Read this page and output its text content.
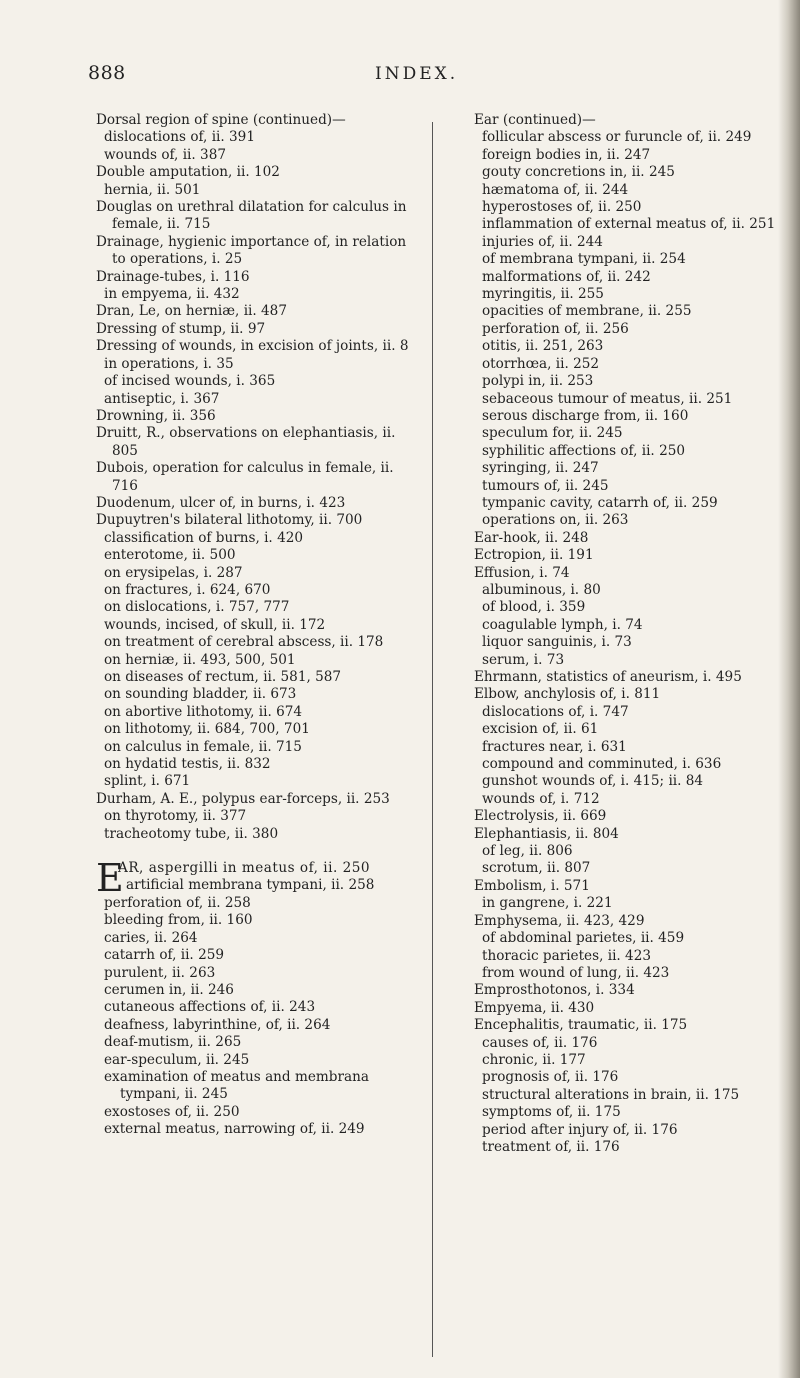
888	INDEX.

Dorsal region of spine (continued)—

dislocations of, ii. 391

wounds of, ii. 387

Double amputation, ii. 102

hernia, ii. 501

Douglas on urethral dilatation for calculus in female, ii. 715

Drainage, hygienic importance of, in relation to operations, i. 25

Drainage-tubes, i. 116

in empyema, ii. 432

Dran, Le, on herniæ, ii. 487

Dressing of stump, ii. 97

Dressing of wounds, in excision of joints, ii. 8

in operations, i. 35

of incised wounds, i. 365

antiseptic, i. 367

Drowning, ii. 356

Druitt, R., observations on elephantiasis, ii. 805

Dubois, operation for calculus in female, ii. 716

Duodenum, ulcer of, in burns, i. 423

Dupuytren's bilateral lithotomy, ii. 700

classification of burns, i. 420

enterotome, ii. 500

on erysipelas, i. 287

on fractures, i. 624, 670

on dislocations, i. 757, 777

wounds, incised, of skull, ii. 172

on treatment of cerebral abscess, ii. 178

on herniæ, ii. 493, 500, 501

on diseases of rectum, ii. 581, 587

on sounding bladder, ii. 673

on abortive lithotomy, ii. 674

on lithotomy, ii. 684, 700, 701

on calculus in female, ii. 715

on hydatid testis, ii. 832

splint, i. 671

Durham, A. E., polypus ear-forceps, ii. 253

on thyrotomy, ii. 377

tracheotomy tube, ii. 380

E
AR, aspergilli in meatus of, ii. 250
artificial membrana tympani, ii. 258

perforation of, ii. 258

bleeding from, ii. 160

caries, ii. 264

catarrh of, ii. 259

purulent, ii. 263

cerumen in, ii. 246

cutaneous affections of, ii. 243

deafness, labyrinthine, of, ii. 264

deaf-mutism, ii. 265

ear-speculum, ii. 245

examination of meatus and membrana tympani, ii. 245

exostoses of, ii. 250

external meatus, narrowing of, ii. 249

Ear (continued)—

follicular abscess or furuncle of, ii. 249

foreign bodies in, ii. 247

gouty concretions in, ii. 245

hæmatoma of, ii. 244

hyperostoses of, ii. 250

inflammation of external meatus of, ii. 251

injuries of, ii. 244

of membrana tympani, ii. 254

malformations of, ii. 242

myringitis, ii. 255

opacities of membrane, ii. 255

perforation of, ii. 256

otitis, ii. 251, 263

otorrhœa, ii. 252

polypi in, ii. 253

sebaceous tumour of meatus, ii. 251

serous discharge from, ii. 160

speculum for, ii. 245

syphilitic affections of, ii. 250

syringing, ii. 247

tumours of, ii. 245

tympanic cavity, catarrh of, ii. 259

operations on, ii. 263

Ear-hook, ii. 248

Ectropion, ii. 191

Effusion, i. 74

albuminous, i. 80

of blood, i. 359

coagulable lymph, i. 74

liquor sanguinis, i. 73

serum, i. 73

Ehrmann, statistics of aneurism, i. 495

Elbow, anchylosis of, i. 811

dislocations of, i. 747

excision of, ii. 61

fractures near, i. 631

compound and comminuted, i. 636

gunshot wounds of, i. 415; ii. 84

wounds of, i. 712

Electrolysis, ii. 669

Elephantiasis, ii. 804

of leg, ii. 806

scrotum, ii. 807

Embolism, i. 571

in gangrene, i. 221

Emphysema, ii. 423, 429

of abdominal parietes, ii. 459

thoracic parietes, ii. 423

from wound of lung, ii. 423

Emprosthotonos, i. 334

Empyema, ii. 430

Encephalitis, traumatic, ii. 175

causes of, ii. 176

chronic, ii. 177

prognosis of, ii. 176

structural alterations in brain, ii. 175

symptoms of, ii. 175

period after injury of, ii. 176

treatment of, ii. 176
